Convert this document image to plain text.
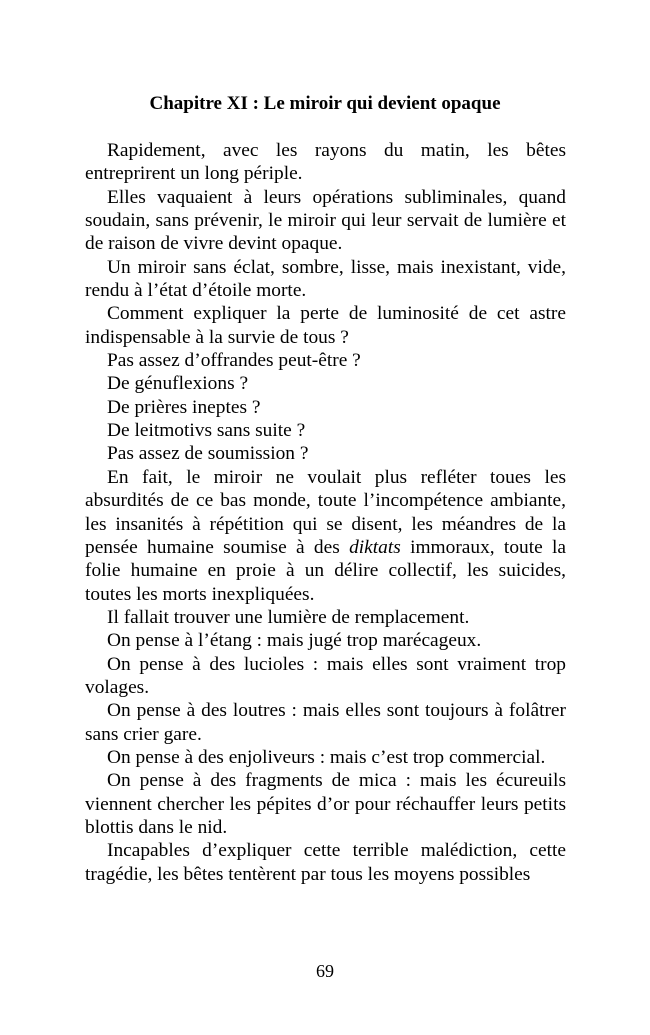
Chapitre XI : Le miroir qui devient opaque

Rapidement, avec les rayons du matin, les bêtes entreprirent un long périple.

Elles vaquaient à leurs opérations subliminales, quand soudain, sans prévenir, le miroir qui leur servait de lumière et de raison de vivre devint opaque.

Un miroir sans éclat, sombre, lisse, mais inexistant, vide, rendu à l’état d’étoile morte.

Comment expliquer la perte de luminosité de cet astre indispensable à la survie de tous ?

Pas assez d’offrandes peut-être ?

De génuflexions ?

De prières ineptes ?

De leitmotivs sans suite ?

Pas assez de soumission ?

En fait, le miroir ne voulait plus refléter toues les absurdités de ce bas monde, toute l’incompétence ambiante, les insanités à répétition qui se disent, les méandres de la pensée humaine soumise à des diktats immoraux, toute la folie humaine en proie à un délire collectif, les suicides, toutes les morts inexpliquées.

Il fallait trouver une lumière de remplacement.

On pense à l’étang : mais jugé trop marécageux.

On pense à des lucioles : mais elles sont vraiment trop volages.

On pense à des loutres : mais elles sont toujours à folâtrer sans crier gare.

On pense à des enjoliveurs : mais c’est trop commercial.

On pense à des fragments de mica : mais les écureuils viennent chercher les pépites d’or pour réchauffer leurs petits blottis dans le nid.

Incapables d’expliquer cette terrible malédiction, cette tragédie, les bêtes tentèrent par tous les moyens possibles

69
